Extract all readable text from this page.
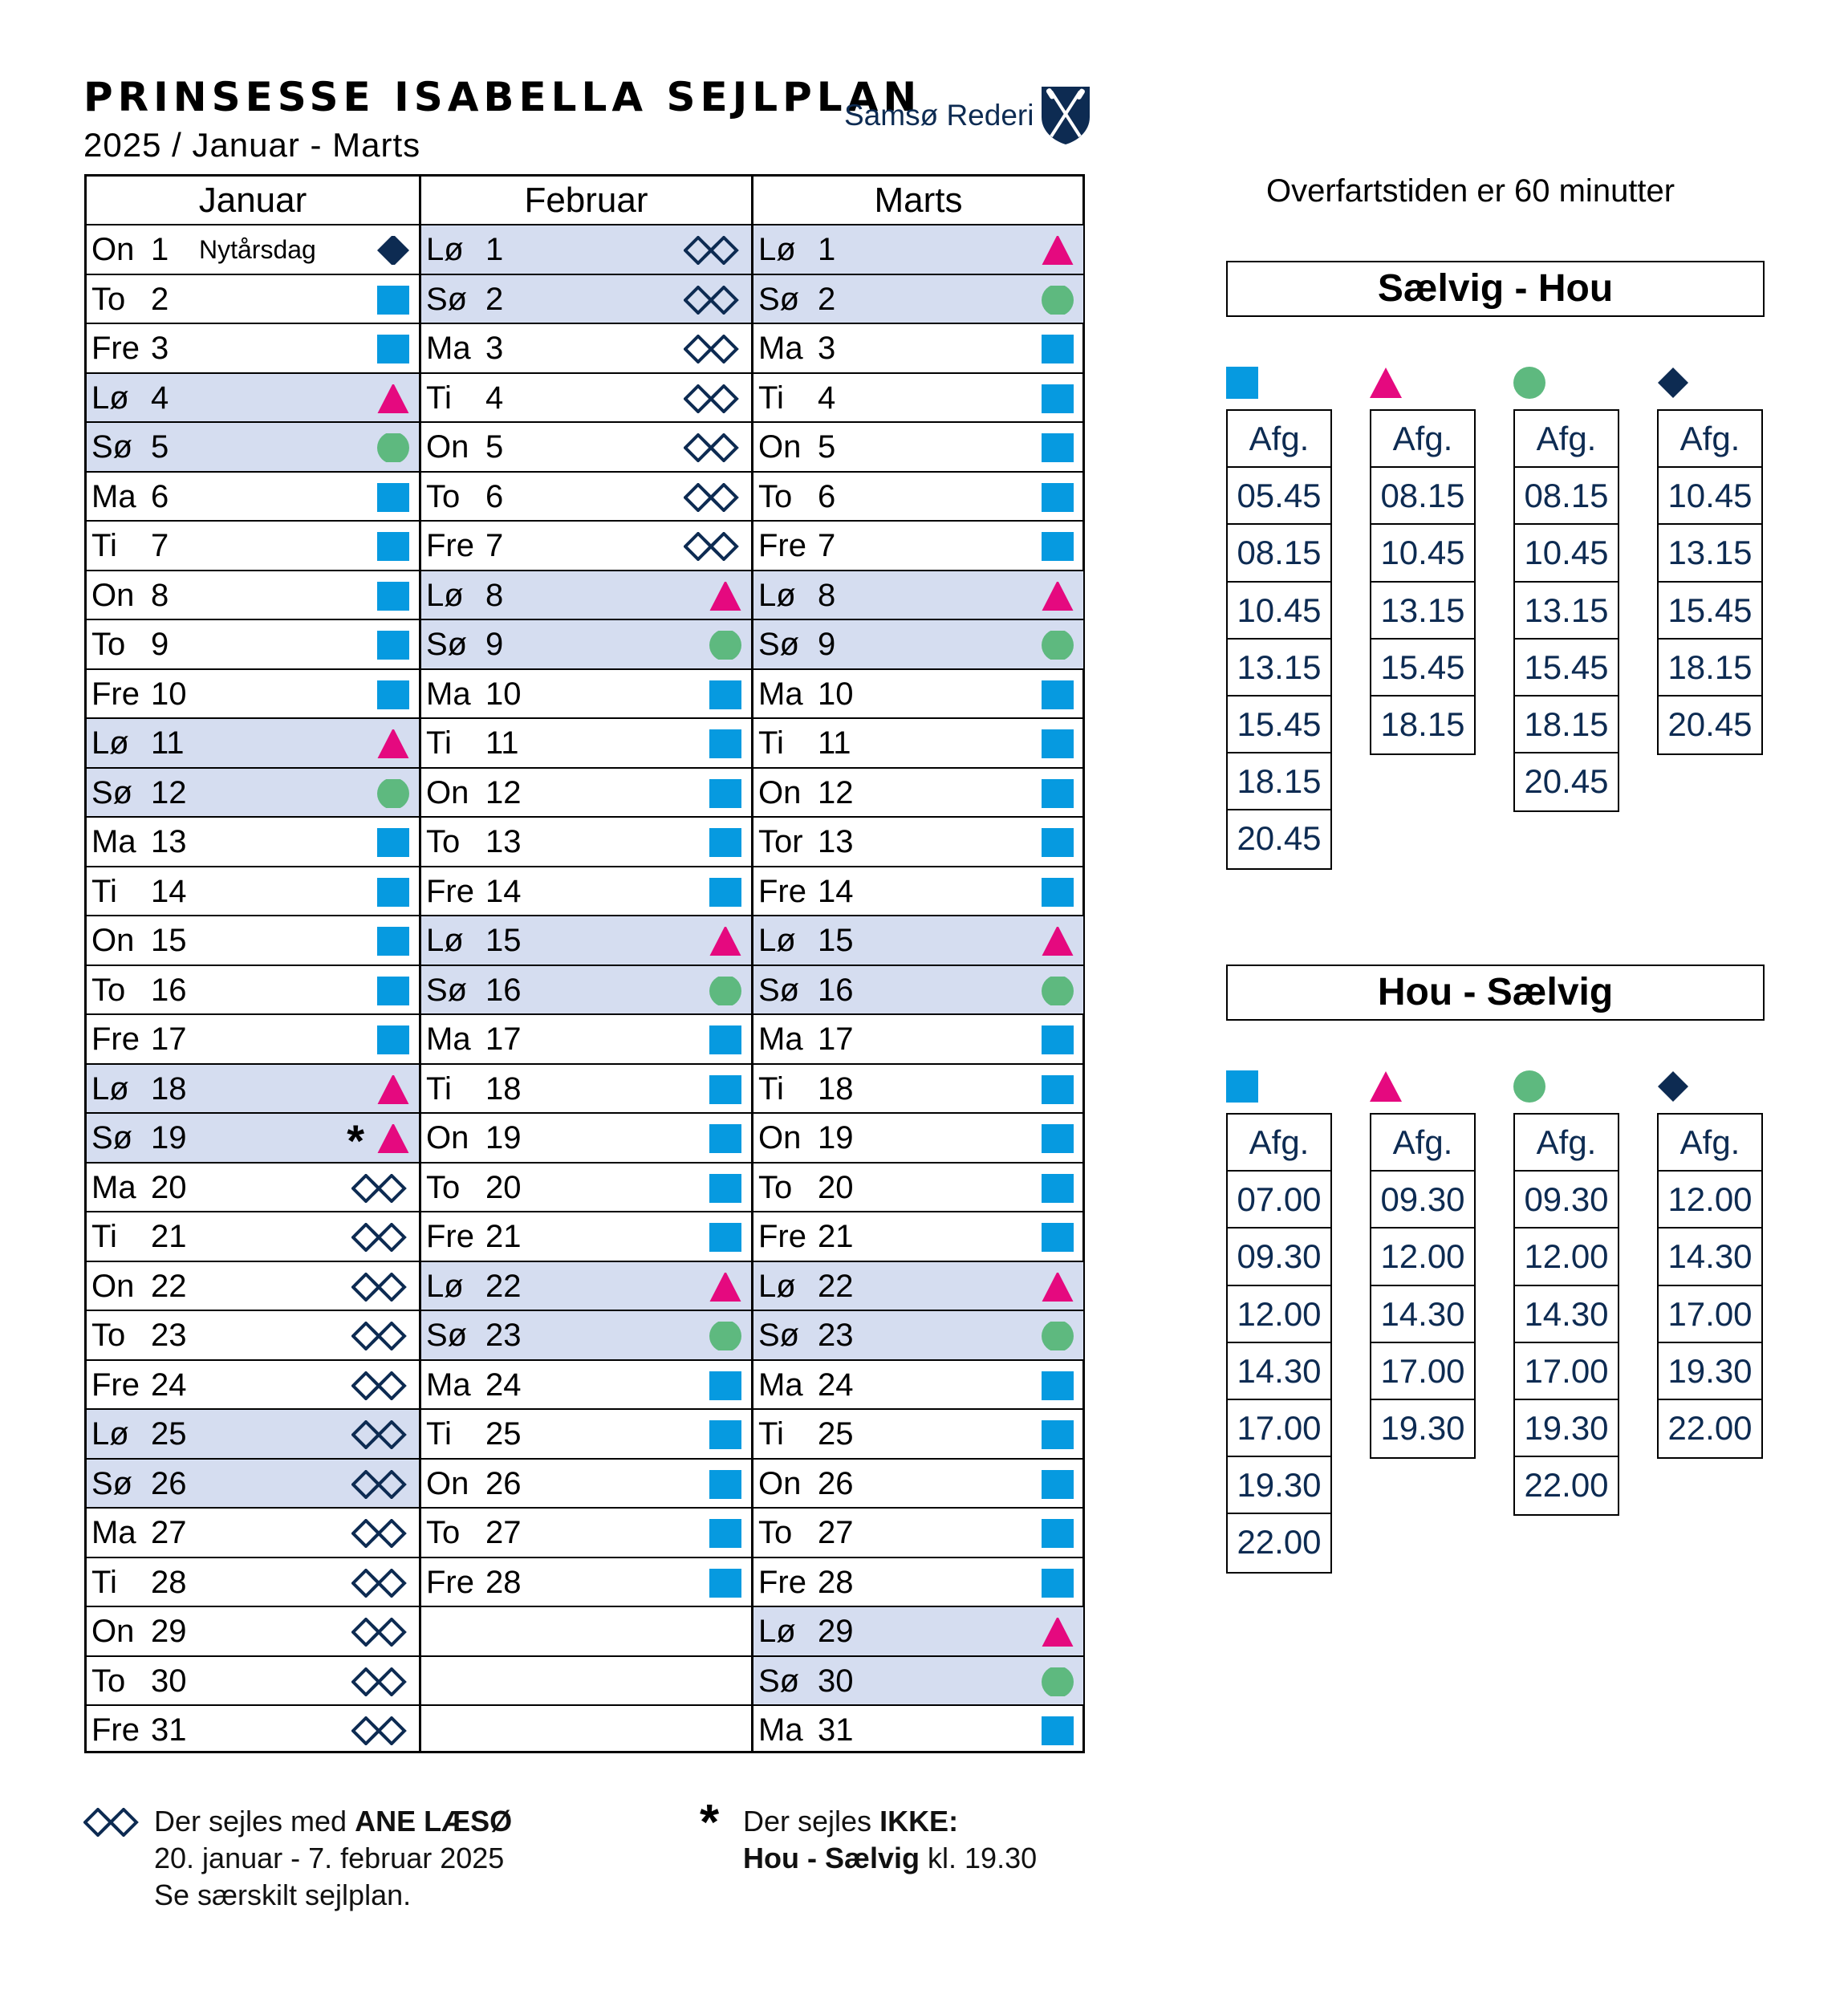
PRINSESSE ISABELLA SEJLPLAN
2025 / Januar - Marts
Samsø Rederi
Januar
On 1 Nytårsdag
To 2
Fre 3
Lø 4
Sø 5
Ma 6
Ti 7
On 8
To 9
Fre 10
Lø 11
Sø 12
Ma 13
Ti 14
On 15
To 16
Fre 17
Lø 18
Sø 19	*
Ma 20
Ti 21
On 22
To 23
Fre 24
Lø 25
Sø 26
Ma 27
Ti 28
On 29
To 30
Fre 31
Februar
Lø 1
Sø 2
Ma 3
Ti 4
On 5
To 6
Fre 7
Lø 8
Sø 9
Ma 10
Ti 11
On 12
To 13
Fre 14
Lø 15
Sø 16
Ma 17
Ti 18
On 19
To 20
Fre 21
Lø 22
Sø 23
Ma 24
Ti 25
On 26
To 27
Fre 28
Marts
Lø 1
Sø 2
Ma 3
Ti 4
On 5
To 6
Fre 7
Lø 8
Sø 9
Ma 10
Ti 11
On 12
Tor 13
Fre 14
Lø 15
Sø 16
Ma 17
Ti 18
On 19
To 20
Fre 21
Lø 22
Sø 23
Ma 24
Ti 25
On 26
To 27
Fre 28
Lø 29
Sø 30
Ma 31
Overfartstiden er 60 minutter
Sælvig - Hou
Afg.
05.45
08.15
10.45
13.15
15.45
18.15
20.45
Afg.
08.15
10.45
13.15
15.45
18.15
Afg.
08.15
10.45
13.15
15.45
18.15
20.45
Afg.
10.45
13.15
15.45
18.15
20.45
Hou - Sælvig
Afg.
07.00
09.30
12.00
14.30
17.00
19.30
22.00
Afg.
09.30
12.00
14.30
17.00
19.30
Afg.
09.30
12.00
14.30
17.00
19.30
22.00
Afg.
12.00
14.30
17.00
19.30
22.00
Der sejles med ANE LÆSØ
20. januar - 7. februar 2025
Se særskilt sejlplan.
* Der sejles IKKE:
Hou - Sælvig kl. 19.30
